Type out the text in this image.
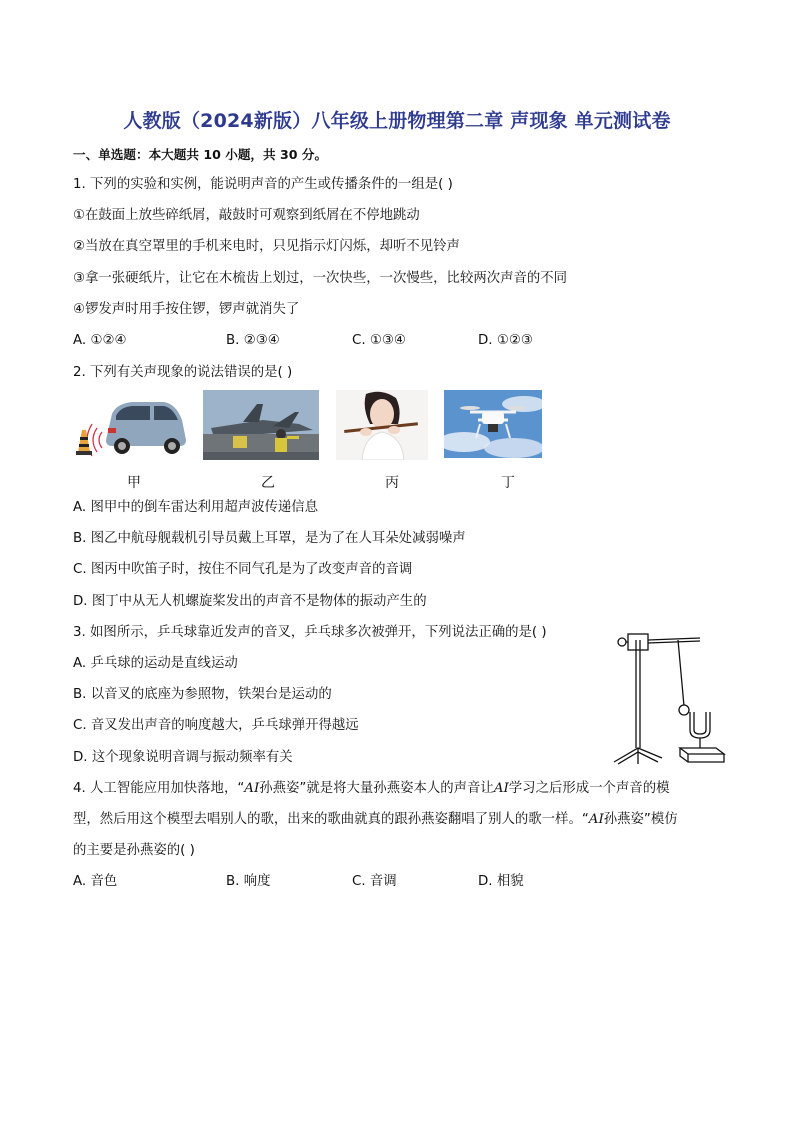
人教版（2024新版）八年级上册物理第二章 声现象 单元测试卷
一、单选题：本大题共 10 小题，共 30 分。
1. 下列的实验和实例，能说明声音的产生或传播条件的一组是( )
①在鼓面上放些碎纸屑，敲鼓时可观察到纸屑在不停地跳动
②当放在真空罩里的手机来电时，只见指示灯闪烁，却听不见铃声
③拿一张硬纸片，让它在木梳齿上划过，一次快些，一次慢些，比较两次声音的不同
④锣发声时用手按住锣，锣声就消失了
A. ①②④	B. ②③④	C. ①③④	D. ①②③
2. 下列有关声现象的说法错误的是( )
甲	乙	丙	丁
A. 图甲中的倒车雷达利用超声波传递信息
B. 图乙中航母舰载机引导员戴上耳罩，是为了在人耳朵处减弱噪声
C. 图丙中吹笛子时，按住不同气孔是为了改变声音的音调
D. 图丁中从无人机螺旋桨发出的声音不是物体的振动产生的
3. 如图所示，乒乓球靠近发声的音叉，乒乓球多次被弹开，下列说法正确的是( )
A. 乒乓球的运动是直线运动
B. 以音叉的底座为参照物，铁架台是运动的
C. 音叉发出声音的响度越大，乒乓球弹开得越远
D. 这个现象说明音调与振动频率有关
4. 人工智能应用加快落地，“AI孙燕姿”就是将大量孙燕姿本人的声音让AI学习之后形成一个声音的模
型，然后用这个模型去唱别人的歌，出来的歌曲就真的跟孙燕姿翻唱了别人的歌一样。“AI孙燕姿”模仿
的主要是孙燕姿的( )
A. 音色	B. 响度	C. 音调	D. 相貌
